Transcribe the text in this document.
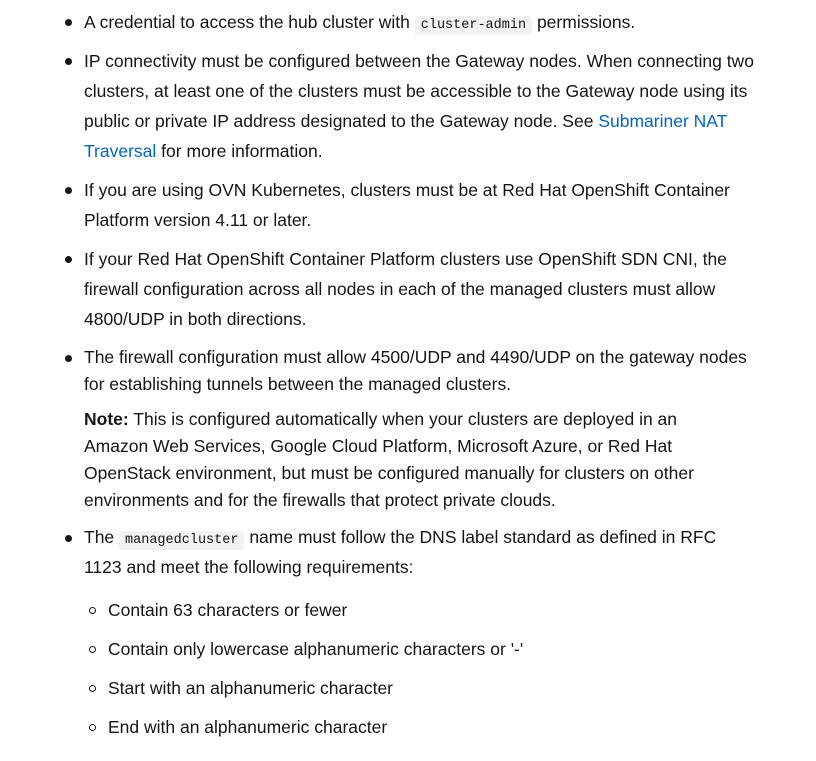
A credential to access the hub cluster with cluster-admin permissions.
IP connectivity must be configured between the Gateway nodes. When connecting two clusters, at least one of the clusters must be accessible to the Gateway node using its public or private IP address designated to the Gateway node. See Submariner NAT Traversal for more information.
If you are using OVN Kubernetes, clusters must be at Red Hat OpenShift Container Platform version 4.11 or later.
If your Red Hat OpenShift Container Platform clusters use OpenShift SDN CNI, the firewall configuration across all nodes in each of the managed clusters must allow 4800/UDP in both directions.
The firewall configuration must allow 4500/UDP and 4490/UDP on the gateway nodes for establishing tunnels between the managed clusters.
Note: This is configured automatically when your clusters are deployed in an Amazon Web Services, Google Cloud Platform, Microsoft Azure, or Red Hat OpenStack environment, but must be configured manually for clusters on other environments and for the firewalls that protect private clouds.
The managedcluster name must follow the DNS label standard as defined in RFC 1123 and meet the following requirements:
Contain 63 characters or fewer
Contain only lowercase alphanumeric characters or '-'
Start with an alphanumeric character
End with an alphanumeric character
